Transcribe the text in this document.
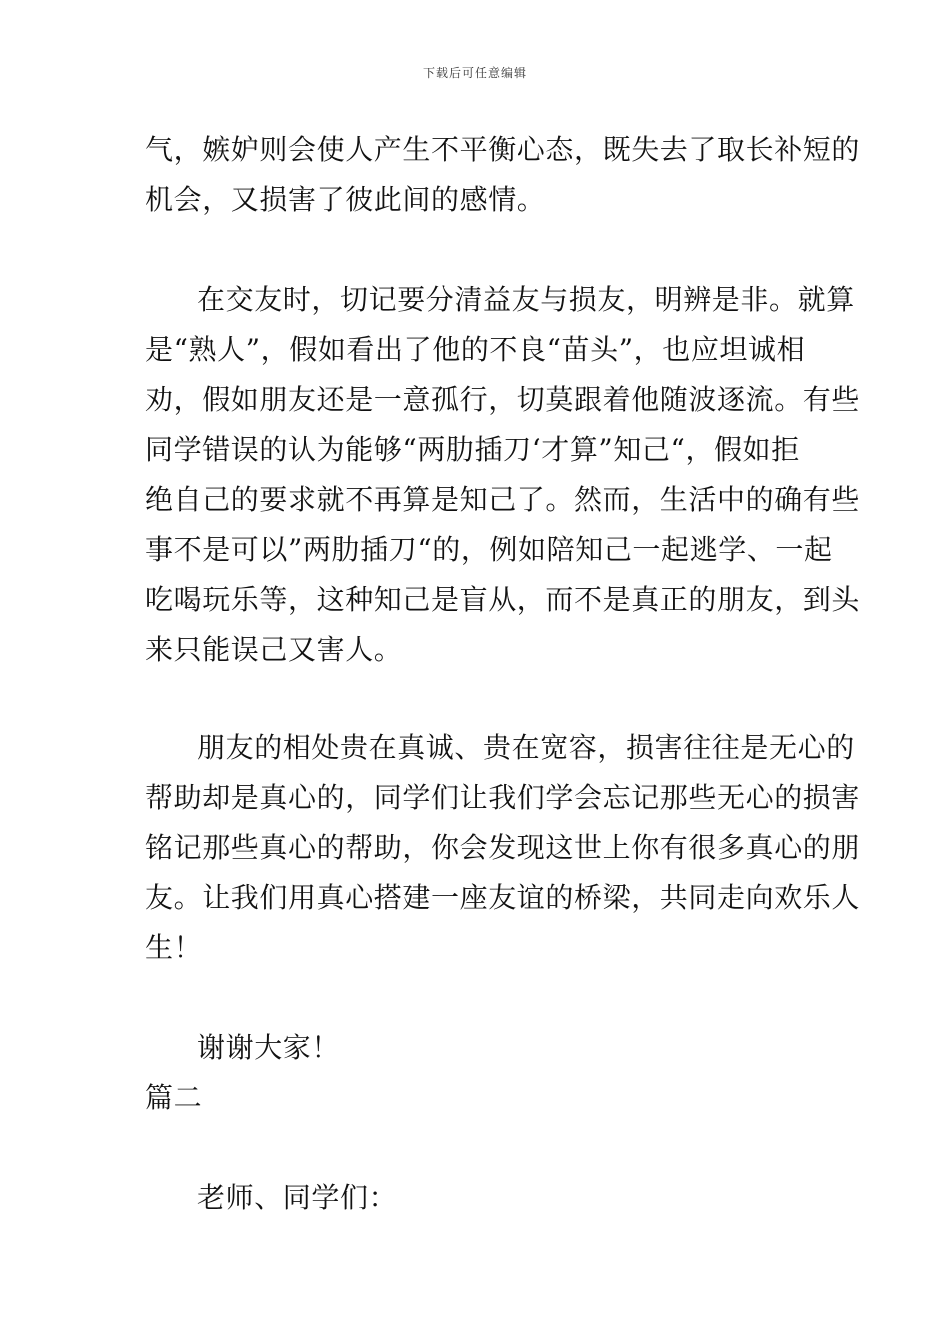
下载后可任意编辑
气，嫉妒则会使人产生不平衡心态，既失去了取长补短的
机会，又损害了彼此间的感情。
在交友时，切记要分清益友与损友，明辨是非。就算
是“熟人”，假如看出了他的不良“苗头”，也应坦诚相
劝，假如朋友还是一意孤行，切莫跟着他随波逐流。有些
同学错误的认为能够“两肋插刀‘才算”知己“，假如拒
绝自己的要求就不再算是知己了。然而，生活中的确有些
事不是可以”两肋插刀“的，例如陪知己一起逃学、一起
吃喝玩乐等，这种知己是盲从，而不是真正的朋友，到头
来只能误己又害人。
朋友的相处贵在真诚、贵在宽容，损害往往是无心的
帮助却是真心的，同学们让我们学会忘记那些无心的损害
铭记那些真心的帮助，你会发现这世上你有很多真心的朋
友。让我们用真心搭建一座友谊的桥梁，共同走向欢乐人
生！
谢谢大家！
篇二
老师、同学们：
